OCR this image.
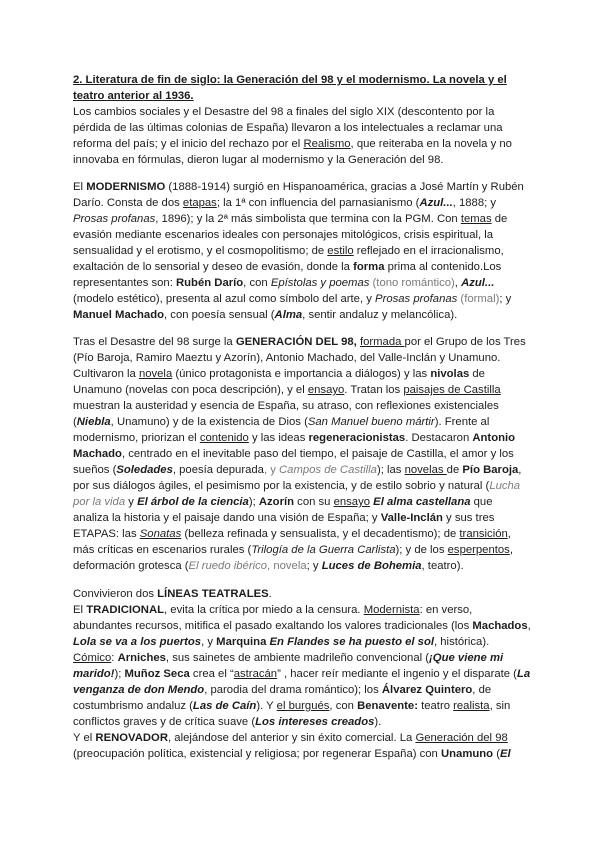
2. Literatura de fin de siglo: la Generación del 98 y el modernismo. La novela y el teatro anterior al 1936.

Los cambios sociales y el Desastre del 98 a finales del siglo XIX (descontento por la pérdida de las últimas colonias de España) llevaron a los intelectuales a reclamar una reforma del país; y el inicio del rechazo por el Realismo, que reiteraba en la novela y no innovaba en fórmulas, dieron lugar al modernismo y la Generación del 98.

El MODERNISMO (1888-1914) surgió en Hispanoamérica, gracias a José Martín y Rubén Darío. Consta de dos etapas; la 1ª con influencia del parnasianismo (Azul..., 1888; y Prosas profanas, 1896); y la 2ª más simbolista que termina con la PGM. Con temas de evasión mediante escenarios ideales con personajes mitológicos, crisis espiritual, la sensualidad y el erotismo, y el cosmopolitismo; de estilo reflejado en el irracionalismo, exaltación de lo sensorial y deseo de evasión, donde la forma prima al contenido.Los representantes son: Rubén Darío, con Epístolas y poemas (tono romántico), Azul... (modelo estético), presenta al azul como símbolo del arte, y Prosas profanas (formal); y Manuel Machado, con poesía sensual (Alma, sentir andaluz y melancólica).

Tras el Desastre del 98 surge la GENERACIÓN DEL 98, formada por el Grupo de los Tres (Pío Baroja, Ramiro Maeztu y Azorín), Antonio Machado, del Valle-Inclán y Unamuno. Cultivaron la novela (único protagonista e importancia a diálogos) y las nivolas de Unamuno (novelas con poca descripción), y el ensayo. Tratan los paisajes de Castilla muestran la austeridad y esencia de España, su atraso, con reflexiones existenciales (Niebla, Unamuno) y de la existencia de Dios (San Manuel bueno mártir). Frente al modernismo, priorizan el contenido y las ideas regeneracionistas. Destacaron Antonio Machado, centrado en el inevitable paso del tiempo, el paisaje de Castilla, el amor y los sueños (Soledades, poesía depurada, y Campos de Castilla); las novelas de Pío Baroja, por sus diálogos ágiles, el pesimismo por la existencia, y de estilo sobrio y natural (Lucha por la vida y El árbol de la ciencia); Azorín con su ensayo El alma castellana que analiza la historia y el paisaje dando una visión de España; y Valle-Inclán y sus tres ETAPAS: las Sonatas (belleza refinada y sensualista, y el decadentismo); de transición, más críticas en escenarios rurales (Trilogía de la Guerra Carlista); y de los esperpentos, deformación grotesca (El ruedo ibérico, novela; y Luces de Bohemia, teatro).

Convivieron dos LÍNEAS TEATRALES.

El TRADICIONAL, evita la crítica por miedo a la censura. Modernista: en verso, abundantes recursos, mitifica el pasado exaltando los valores tradicionales (los Machados, Lola se va a los puertos, y Marquina En Flandes se ha puesto el sol, histórica). Cómico: Arniches, sus sainetes de ambiente madrileño convencional (¡Que viene mi marido!); Muñoz Seca crea el “astracán” , hacer reír mediante el ingenio y el disparate (La venganza de don Mendo, parodia del drama romántico); los Álvarez Quintero, de costumbrismo andaluz (Las de Caín). Y el burgués, con Benavente: teatro realista, sin conflictos graves y de crítica suave (Los intereses creados).

Y el RENOVADOR, alejándose del anterior y sin éxito comercial. La Generación del 98 (preocupación política, existencial y religiosa; por regenerar España) con Unamuno (El
